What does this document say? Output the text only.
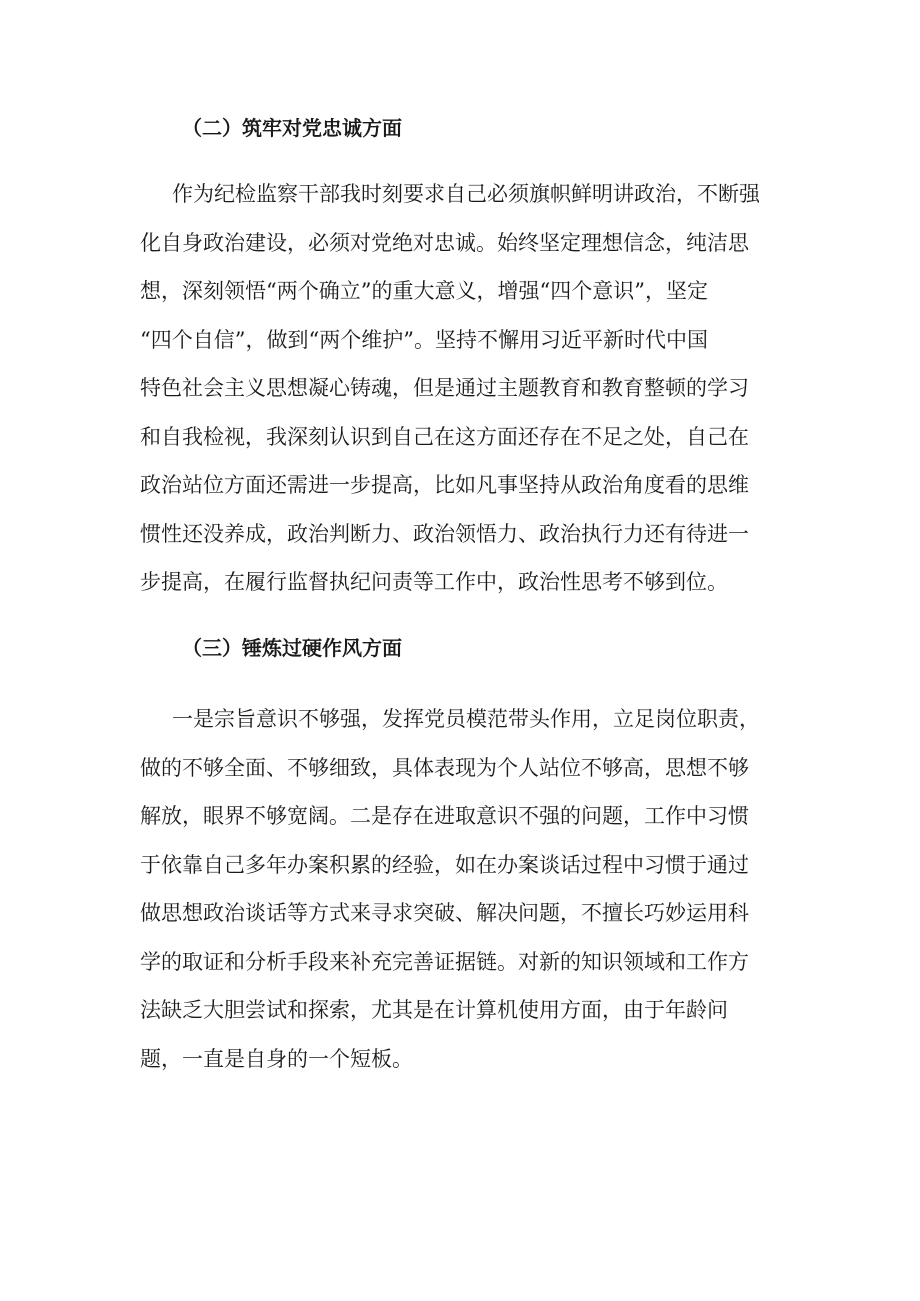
（二）筑牢对党忠诚方面
作为纪检监察干部我时刻要求自己必须旗帜鲜明讲政治，不断强
化自身政治建设，必须对党绝对忠诚。始终坚定理想信念，纯洁思
想，深刻领悟“两个确立”的重大意义，增强“四个意识”，坚定
“四个自信”，做到“两个维护”。坚持不懈用习近平新时代中国
特色社会主义思想凝心铸魂，但是通过主题教育和教育整顿的学习
和自我检视，我深刻认识到自己在这方面还存在不足之处，自己在
政治站位方面还需进一步提高，比如凡事坚持从政治角度看的思维
惯性还没养成，政治判断力、政治领悟力、政治执行力还有待进一
步提高，在履行监督执纪问责等工作中，政治性思考不够到位。
（三）锤炼过硬作风方面
一是宗旨意识不够强，发挥党员模范带头作用，立足岗位职责，
做的不够全面、不够细致，具体表现为个人站位不够高，思想不够
解放，眼界不够宽阔。二是存在进取意识不强的问题，工作中习惯
于依靠自己多年办案积累的经验，如在办案谈话过程中习惯于通过
做思想政治谈话等方式来寻求突破、解决问题，不擅长巧妙运用科
学的取证和分析手段来补充完善证据链。对新的知识领域和工作方
法缺乏大胆尝试和探索，尤其是在计算机使用方面，由于年龄问
题，一直是自身的一个短板。
